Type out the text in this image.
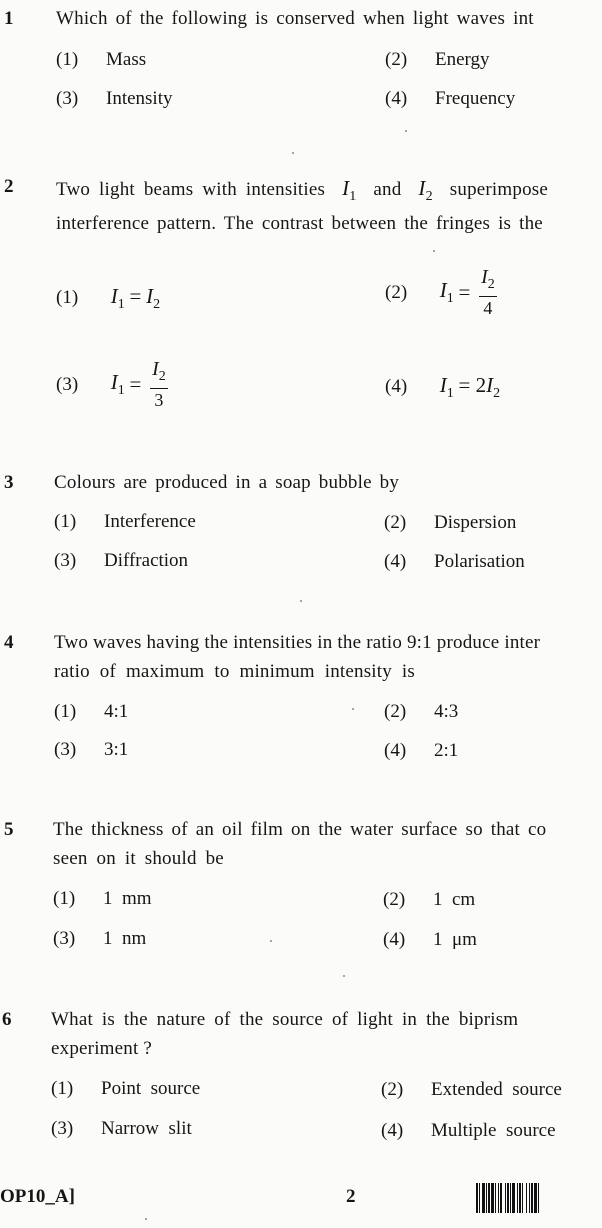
1 Which of the following is conserved when light waves int
(1) Mass	(2) Energy
(3) Intensity	(4) Frequency
2 Two light beams with intensities $I_1$ and $I_2$ superimpose
interference pattern. The contrast between the fringes is the
(1) $I_1 = I_2$
(2) $I_1 = \frac{I_2}{4}$
(3) $I_1 = \frac{I_2}{3}$	(4) $I_1 = 2I_2$
3 Colours are produced in a soap bubble by
(1) Interference	(2) Dispersion
(3) Diffraction	(4) Polarisation
4 Two waves having the intensities in the ratio 9:1 produce inter
ratio of maximum to minimum intensity is
(1) 4:1	(2) 4:3
(3) 3:1	(4) 2:1
5 The thickness of an oil film on the water surface so that co
seen on it should be
(1) 1  mm	(2) 1  cm
(3) 1  nm	(4) 1  μm
6 What is the nature of the source of light in the biprism
experiment ?
(1) Point  source	(2) Extended  source
(3) Narrow  slit	(4) Multiple  source
OP10_A]	2
